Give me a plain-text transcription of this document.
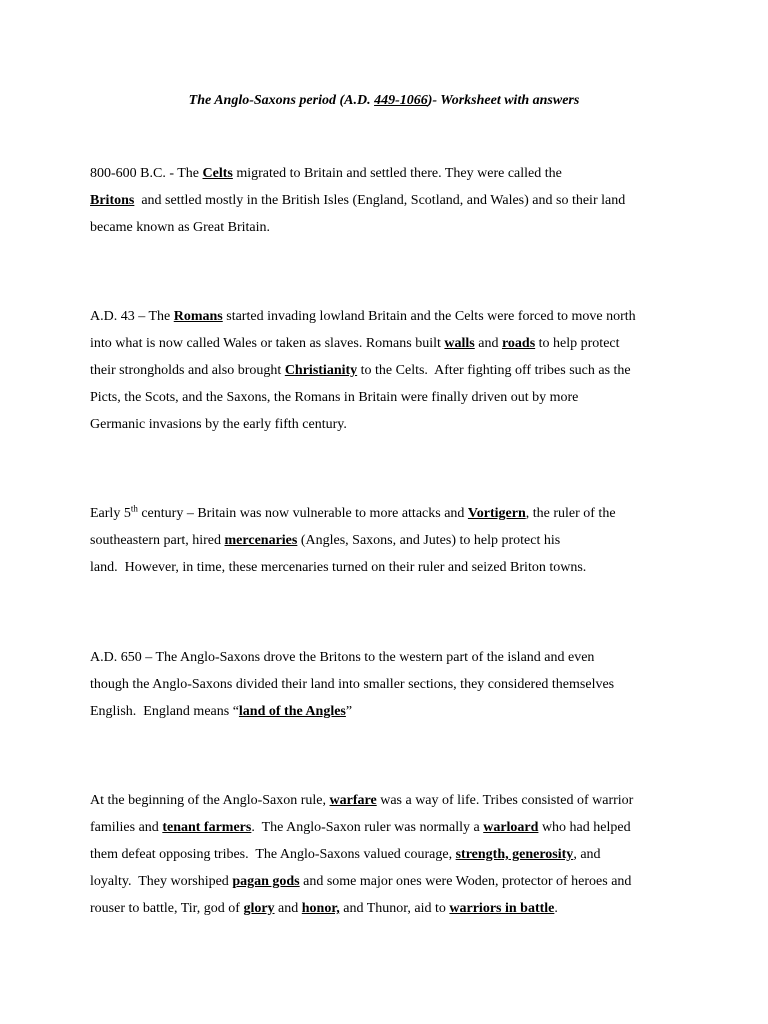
The Anglo-Saxons period (A.D. 449-1066)- Worksheet with answers
800-600 B.C. - The Celts migrated to Britain and settled there. They were called the
Britons  and settled mostly in the British Isles (England, Scotland, and Wales) and so their land
became known as Great Britain.
A.D. 43 – The Romans started invading lowland Britain and the Celts were forced to move north
into what is now called Wales or taken as slaves. Romans built walls and roads to help protect
their strongholds and also brought Christianity to the Celts.  After fighting off tribes such as the
Picts, the Scots, and the Saxons, the Romans in Britain were finally driven out by more
Germanic invasions by the early fifth century.
Early 5th century – Britain was now vulnerable to more attacks and Vortigern, the ruler of the
southeastern part, hired mercenaries (Angles, Saxons, and Jutes) to help protect his
land.  However, in time, these mercenaries turned on their ruler and seized Briton towns.
A.D. 650 – The Anglo-Saxons drove the Britons to the western part of the island and even
though the Anglo-Saxons divided their land into smaller sections, they considered themselves
English.  England means “land of the Angles”
At the beginning of the Anglo-Saxon rule, warfare was a way of life. Tribes consisted of warrior
families and tenant farmers.  The Anglo-Saxon ruler was normally a warloard who had helped
them defeat opposing tribes.  The Anglo-Saxons valued courage, strength, generosity, and
loyalty.  They worshiped pagan gods and some major ones were Woden, protector of heroes and
rouser to battle, Tir, god of glory and honor, and Thunor, aid to warriors in battle.
